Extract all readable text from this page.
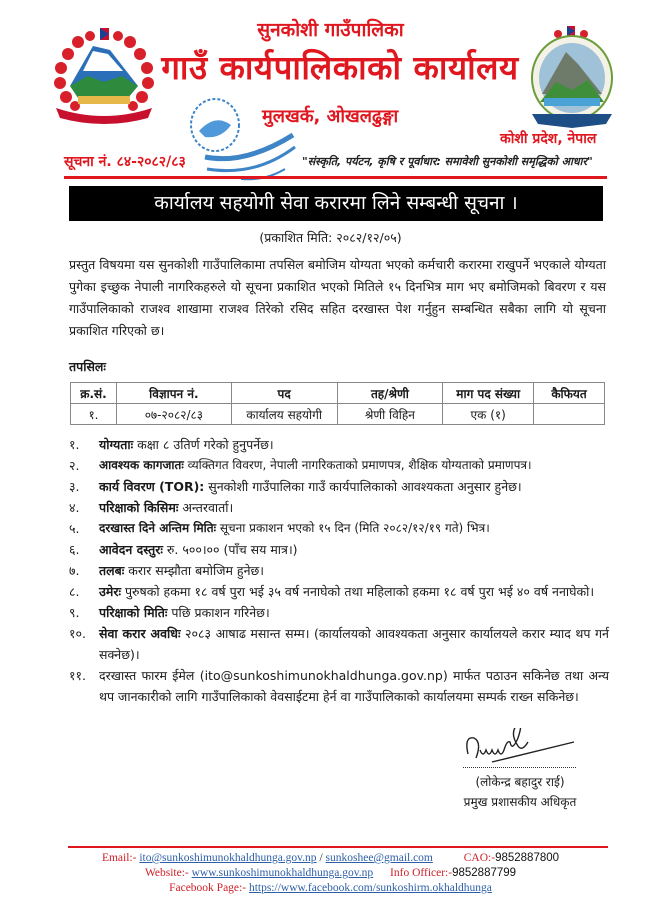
सुनकोशी गाउँपालिका
गाउँ कार्यपालिकाको कार्यालय
मुलखर्क, ओखलढुङ्गा
कोशी प्रदेश, नेपाल
सूचना नं. ८४-२०८२/८३	"संस्कृति, पर्यटन, कृषि र पूर्वाधार: समावेशी सुनकोशी समृद्धिको आधार"
कार्यालय सहयोगी सेवा करारमा लिने सम्बन्धी सूचना ।
(प्रकाशित मिति: २०८२/१२/०५)
प्रस्तुत विषयमा यस सुनकोशी गाउँपालिकामा तपसिल बमोजिम योग्यता भएको कर्मचारी करारमा राखुपर्ने भएकाले योग्यता पुगेका इच्छुक नेपाली नागरिकहरुले यो सूचना प्रकाशित भएको मितिले १५ दिनभित्र माग भए बमोजिमको बिवरण र यस गाउँपालिकाको राजश्व शाखामा राजश्व तिरेको रसिद सहित दरखास्त पेश गर्नुहुन सम्बन्धित सबैका लागि यो सूचना प्रकाशित गरिएको छ।
तपसिलः
क्र.सं.	विज्ञापन नं.	पद	तह/श्रेणी	माग पद संख्या	कैफियत
१.	०७-२०८२/८३	कार्यालय सहयोगी	श्रेणी विहिन	एक (१)	
१.	योग्यताः कक्षा ८ उतिर्ण गरेको हुनुपर्नेछ।
२.	आवश्यक कागजातः व्यक्तिगत विवरण, नेपाली नागरिकताको प्रमाणपत्र, शैक्षिक योग्यताको प्रमाणपत्र।
३.	कार्य विवरण (TOR): सुनकोशी गाउँपालिका गाउँ कार्यपालिकाको आवश्यकता अनुसार हुनेछ।
४.	परिक्षाको किसिमः अन्तरवार्ता।
५.	दरखास्त दिने अन्तिम मितिः सूचना प्रकाशन भएको १५ दिन (मिति २०८२/१२/१९ गते) भित्र।
६.	आवेदन दस्तुरः रु. ५००।०० (पाँच सय मात्र।)
७.	तलबः करार सम्झौता बमोजिम हुनेछ।
८.	उमेरः पुरुषको हकमा १८ वर्ष पुरा भई ३५ वर्ष ननाघेको तथा महिलाको हकमा १८ वर्ष पुरा भई ४० वर्ष ननाघेको।
९.	परिक्षाको मितिः पछि प्रकाशन गरिनेछ।
१०.	सेवा करार अवधिः २०८३ आषाढ मसान्त सम्म। (कार्यालयको आवश्यकता अनुसार कार्यालयले करार म्याद थप गर्न सक्नेछ)।
११.	दरखास्त फारम ईमेल (ito@sunkoshimunokhaldhunga.gov.np) मार्फत पठाउन सकिनेछ तथा अन्य थप जानकारीको लागि गाउँपालिकाको वेवसाईटमा हेर्न वा गाउँपालिकाको कार्यालयमा सम्पर्क राख्न सकिनेछ।
(लोकेन्द्र बहादुर राई)
प्रमुख प्रशासकीय अधिकृत
Email:- ito@sunkoshimunokhaldhunga.gov.np / sunkoshee@gmail.com	CAO:-9852887800
Website:- www.sunkoshimunokhaldhunga.gov.np Info Officer:-9852887799
Facebook Page:- https://www.facebook.com/sunkoshirm.okhaldhunga
